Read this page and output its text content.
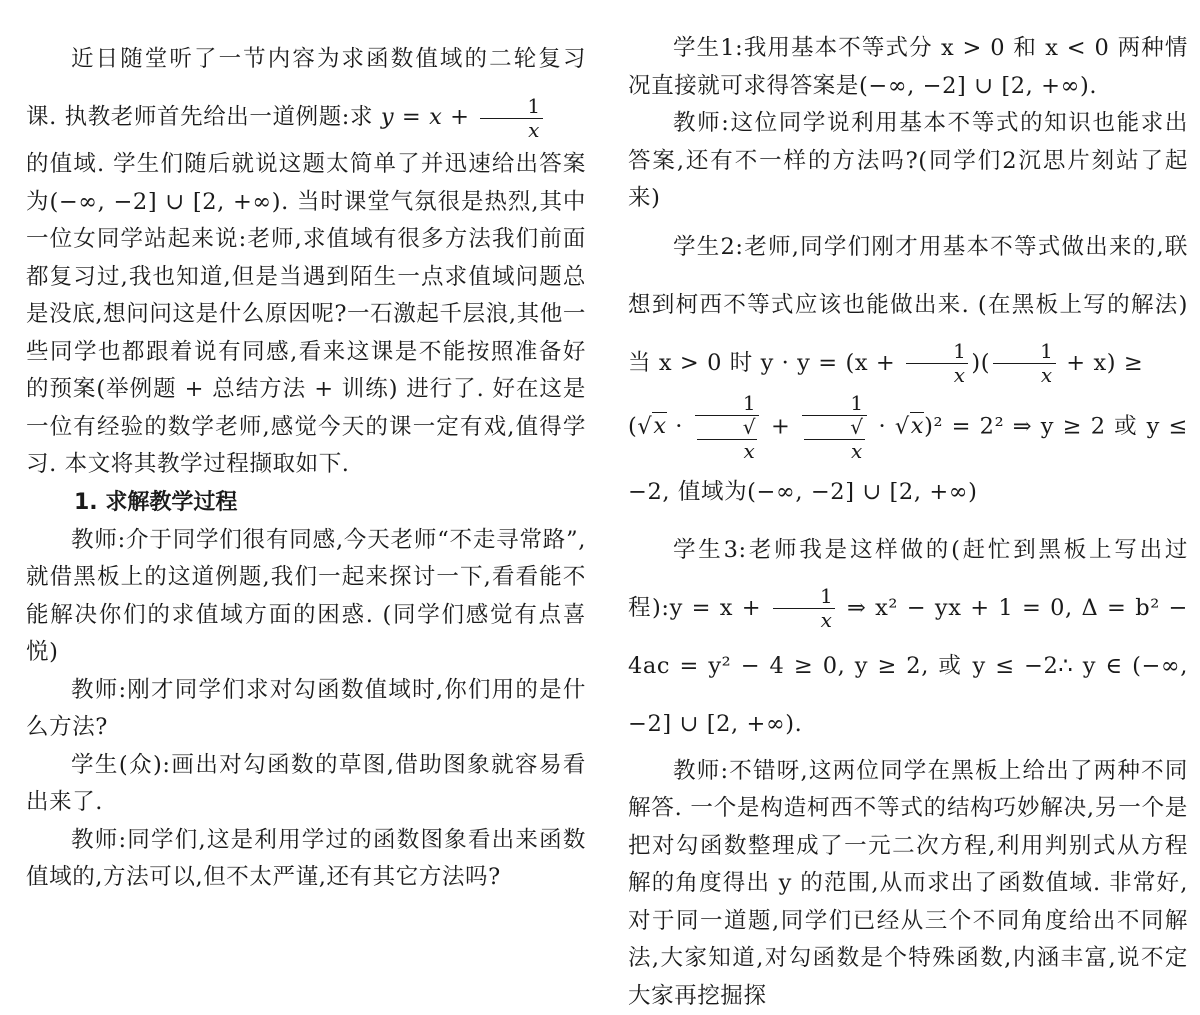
近日随堂听了一节内容为求函数值域的二轮复习课. 执教老师首先给出一道例题:求 $y = x + \frac{1}{x}$

的值域. 学生们随后就说这题太简单了并迅速给出答案为(−∞, −2] ∪ [2, +∞). 当时课堂气氛很是热烈,其中一位女同学站起来说:老师,求值域有很多方法我们前面都复习过,我也知道,但是当遇到陌生一点求值域问题总是没底,想问问这是什么原因呢?一石激起千层浪,其他一些同学也都跟着说有同感,看来这课是不能按照准备好的预案(举例题 + 总结方法 + 训练) 进行了. 好在这是一位有经验的数学老师,感觉今天的课一定有戏,值得学习. 本文将其教学过程撷取如下.

1. 求解教学过程

教师:介于同学们很有同感,今天老师“不走寻常路”,就借黑板上的这道例题,我们一起来探讨一下,看看能不能解决你们的求值域方面的困惑. (同学们感觉有点喜悦)

教师:刚才同学们求对勾函数值域时,你们用的是什么方法?

学生(众):画出对勾函数的草图,借助图象就容易看出来了.

教师:同学们,这是利用学过的函数图象看出来函数值域的,方法可以,但不太严谨,还有其它方法吗?

学生1:我用基本不等式分 x > 0 和 x < 0 两种情况直接就可求得答案是(−∞, −2] ∪ [2, +∞).

教师:这位同学说利用基本不等式的知识也能求出答案,还有不一样的方法吗?(同学们2沉思片刻站了起来)

学生2:老师,同学们刚才用基本不等式做出来的,联想到柯西不等式应该也能做出来. (在黑板上写的解法) 当 x > 0 时 $y \cdot y = (x + \frac{1}{x}$ )( $\frac{1}{x} + x$) ≥
(√x · 1
√
x + 1
√
x · √x)² = 2² ⇒ y ≥ 2 或 y ≤ −2, 值域为(−∞, −2] ∪ [2, +∞)

学生3:老师我是这样做的(赶忙到黑板上写出过程):y = $x + \frac{1}{x}$ ⇒ x² − yx + 1 = 0, Δ = b² − 4ac = y² − 4 ≥ 0, y ≥ 2, 或 y ≤ −2∴ y ∈ (−∞, −2] ∪ [2, +∞).

教师:不错呀,这两位同学在黑板上给出了两种不同解答. 一个是构造柯西不等式的结构巧妙解决,另一个是把对勾函数整理成了一元二次方程,利用判别式从方程解的角度得出 y 的范围,从而求出了函数值域. 非常好,对于同一道题,同学们已经从三个不同角度给出不同解法,大家知道,对勾函数是个特殊函数,内涵丰富,说不定大家再挖掘探
